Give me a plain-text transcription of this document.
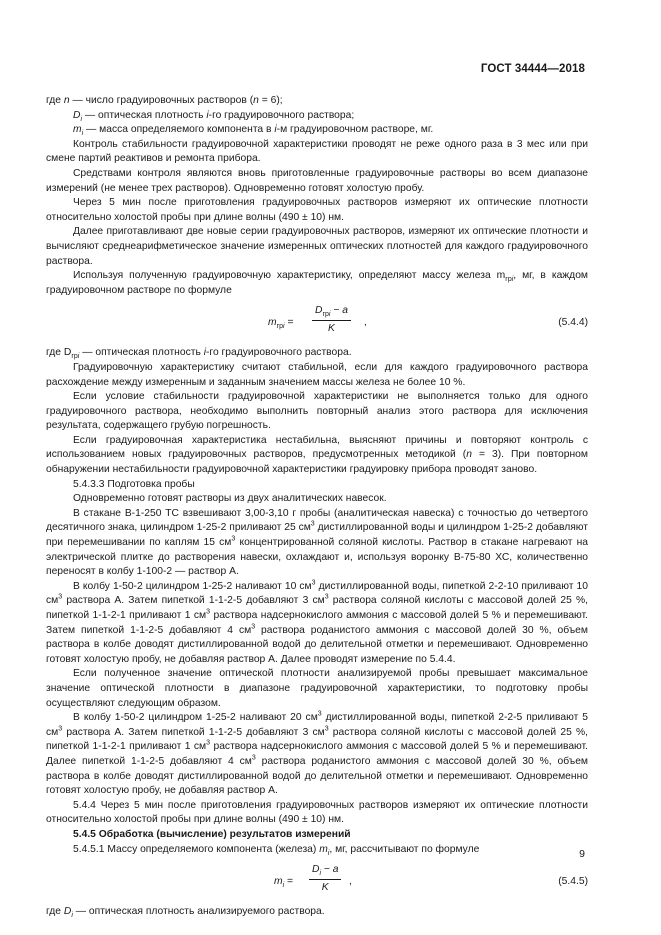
ГОСТ 34444—2018

где n — число градуировочных растворов (n = 6);

$D_i$ — оптическая плотность i-го градуировочного раствора;

$m_i$ — масса определяемого компонента в i-м градуировочном растворе, мг.

Контроль стабильности градуировочной характеристики проводят не реже одного раза в 3 мес или при смене партий реактивов и ремонта прибора.

Средствами контроля являются вновь приготовленные градуировочные растворы во всем диапазоне измерений (не менее трех растворов). Одновременно готовят холостую пробу.

Через 5 мин после приготовления градуировочных растворов измеряют их оптические плотности относительно холостой пробы при длине волны (490 ± 10) нм.

Далее приготавливают две новые серии градуировочных растворов, измеряют их оптические плотности и вычисляют среднеарифметическое значение измеренных оптических плотностей для каждого градуировочного раствора.

Используя полученную градуировочную характеристику, определяют массу железа $m_{грi}$, мг, в каждом градуировочном растворе по формуле

$m_{грi}$ =
$D_{грi} - a$
K
,	(5.4.4)

где $D_{грi}$ — оптическая плотность i-го градуировочного раствора.

Градуировочную характеристику считают стабильной, если для каждого градуировочного раствора расхождение между измеренным и заданным значением массы железа не более 10 %.

Если условие стабильности градуировочной характеристики не выполняется только для одного градуировочного раствора, необходимо выполнить повторный анализ этого раствора для исключения результата, содержащего грубую погрешность.

Если градуировочная характеристика нестабильна, выясняют причины и повторяют контроль с использованием новых градуировочных растворов, предусмотренных методикой (n = 3). При повторном обнаружении нестабильности градуировочной характеристики градуировку прибора проводят заново.

5.4.3.3 Подготовка пробы

Одновременно готовят растворы из двух аналитических навесок.

В стакане В-1-250 ТС взвешивают 3,00-3,10 г пробы (аналитическая навеска) с точностью до четвертого десятичного знака, цилиндром 1-25-2 приливают 25 $см^3$ дистиллированной воды и цилиндром 1-25-2 добавляют при перемешивании по каплям 15 $см^3$ концентрированной соляной кислоты. Раствор в стакане нагревают на электрической плитке до растворения навески, охлаждают и, используя воронку В-75-80 ХС, количественно переносят в колбу 1-100-2 — раствор А.

В колбу 1-50-2 цилиндром 1-25-2 наливают 10 $см^3$ дистиллированной воды, пипеткой 2-2-10 приливают 10 $см^3$ раствора А. Затем пипеткой 1-1-2-5 добавляют 3 $см^3$ раствора соляной кислоты с массовой долей 25 %, пипеткой 1-1-2-1 приливают 1 $см^3$ раствора надсернокислого аммония с массовой долей 5 % и перемешивают. Затем пипеткой 1-1-2-5 добавляют 4 $см^3$ раствора роданистого аммония с массовой долей 30 %, объем раствора в колбе доводят дистиллированной водой до делительной отметки и перемешивают. Одновременно готовят холостую пробу, не добавляя раствор А. Далее проводят измерение по 5.4.4.

Если полученное значение оптической плотности анализируемой пробы превышает максимальное значение оптической плотности в диапазоне градуировочной характеристики, то подготовку пробы осуществляют следующим образом.

В колбу 1-50-2 цилиндром 1-25-2 наливают 20 $см^3$ дистиллированной воды, пипеткой 2-2-5 приливают 5 $см^3$ раствора А. Затем пипеткой 1-1-2-5 добавляют 3 $см^3$ раствора соляной кислоты с массовой долей 25 %, пипеткой 1-1-2-1 приливают 1 $см^3$ раствора надсернокислого аммония с массовой долей 5 % и перемешивают. Далее пипеткой 1-1-2-5 добавляют 4 $см^3$ раствора роданистого аммония с массовой долей 30 %, объем раствора в колбе доводят дистиллированной водой до делительной отметки и перемешивают. Одновременно готовят холостую пробу, не добавляя раствор А.

5.4.4 Через 5 мин после приготовления градуировочных растворов измеряют их оптические плотности относительно холостой пробы при длине волны (490 ± 10) нм.

5.4.5 Обработка (вычисление) результатов измерений

5.4.5.1 Массу определяемого компонента (железа) $m_i$, мг, рассчитывают по формуле

$m_i = \frac{D_i - a}{K}$ ,	(5.4.5)

где $D_i$ — оптическая плотность анализируемого раствора.

9
